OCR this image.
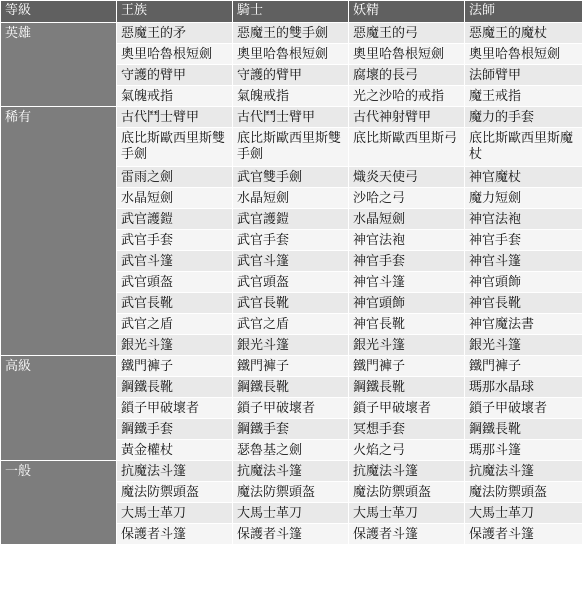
等級	王族	騎士	妖精	法師
英雄	惡魔王的矛	惡魔王的雙手劍	惡魔王的弓	惡魔王的魔杖
	奧里哈魯根短劍	奧里哈魯根短劍	奧里哈魯根短劍	奧里哈魯根短劍
	守護的臂甲	守護的臂甲	腐壞的長弓	法師臂甲
	氣魄戒指	氣魄戒指	光之沙哈的戒指	魔王戒指
稀有	古代鬥士臂甲	古代鬥士臂甲	古代神射臂甲	魔力的手套
	底比斯歐西里斯雙手劍	底比斯歐西里斯雙手劍	底比斯歐西里斯弓	底比斯歐西里斯魔杖
	雷雨之劍	武官雙手劍	熾炎天使弓	神官魔杖
	水晶短劍	水晶短劍	沙哈之弓	魔力短劍
	武官護鎧	武官護鎧	水晶短劍	神官法袍
	武官手套	武官手套	神官法袍	神官手套
	武官斗篷	武官斗篷	神官手套	神官斗篷
	武官頭盔	武官頭盔	神官斗篷	神官頭飾
	武官長靴	武官長靴	神官頭飾	神官長靴
	武官之盾	武官之盾	神官長靴	神官魔法書
	銀光斗篷	銀光斗篷	銀光斗篷	銀光斗篷
高級	鐵門褲子	鐵門褲子	鐵門褲子	鐵門褲子
	鋼鐵長靴	鋼鐵長靴	鋼鐵長靴	瑪那水晶球
	鎖子甲破壞者	鎖子甲破壞者	鎖子甲破壞者	鎖子甲破壞者
	鋼鐵手套	鋼鐵手套	冥想手套	鋼鐵長靴
	黃金權杖	瑟魯基之劍	火焰之弓	瑪那斗篷
一般	抗魔法斗篷	抗魔法斗篷	抗魔法斗篷	抗魔法斗篷
	魔法防禦頭盔	魔法防禦頭盔	魔法防禦頭盔	魔法防禦頭盔
	大馬士革刀	大馬士革刀	大馬士革刀	大馬士革刀
	保護者斗篷	保護者斗篷	保護者斗篷	保護者斗篷
